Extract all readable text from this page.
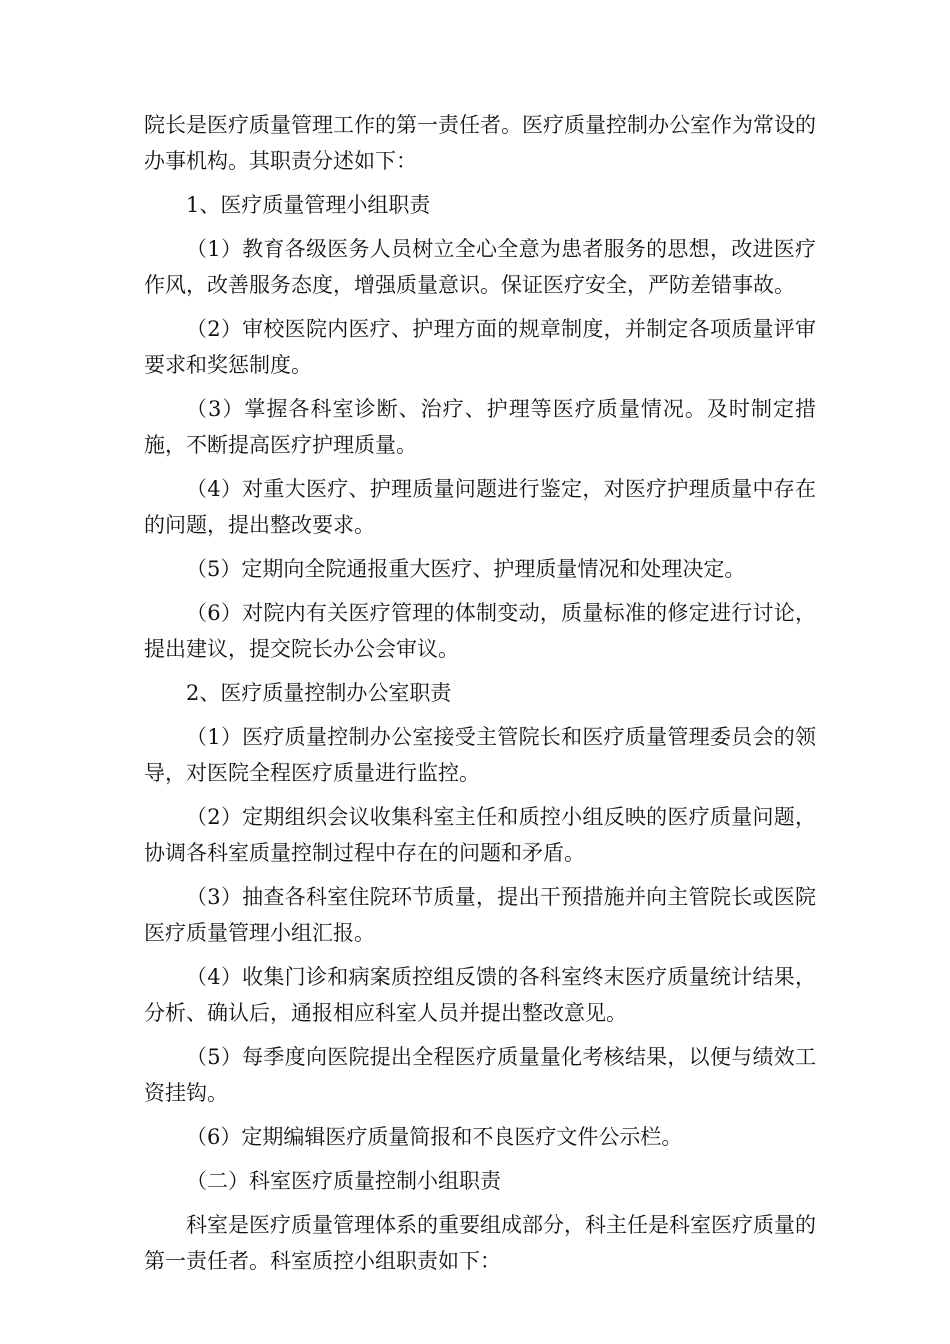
院长是医疗质量管理工作的第一责任者。医疗质量控制办公室作为常设的办事机构。其职责分述如下：

1、医疗质量管理小组职责

（1）教育各级医务人员树立全心全意为患者服务的思想，改进医疗作风，改善服务态度，增强质量意识。保证医疗安全，严防差错事故。

（2）审校医院内医疗、护理方面的规章制度，并制定各项质量评审要求和奖惩制度。

（3）掌握各科室诊断、治疗、护理等医疗质量情况。及时制定措施，不断提高医疗护理质量。

（4）对重大医疗、护理质量问题进行鉴定，对医疗护理质量中存在的问题，提出整改要求。

（5）定期向全院通报重大医疗、护理质量情况和处理决定。

（6）对院内有关医疗管理的体制变动，质量标准的修定进行讨论，提出建议，提交院长办公会审议。

2、医疗质量控制办公室职责

（1）医疗质量控制办公室接受主管院长和医疗质量管理委员会的领导，对医院全程医疗质量进行监控。

（2）定期组织会议收集科室主任和质控小组反映的医疗质量问题，协调各科室质量控制过程中存在的问题和矛盾。

（3）抽查各科室住院环节质量，提出干预措施并向主管院长或医院医疗质量管理小组汇报。

（4）收集门诊和病案质控组反馈的各科室终末医疗质量统计结果，分析、确认后，通报相应科室人员并提出整改意见。

（5）每季度向医院提出全程医疗质量量化考核结果，以便与绩效工资挂钩。

（6）定期编辑医疗质量简报和不良医疗文件公示栏。

（二）科室医疗质量控制小组职责

科室是医疗质量管理体系的重要组成部分，科主任是科室医疗质量的第一责任者。科室质控小组职责如下：
